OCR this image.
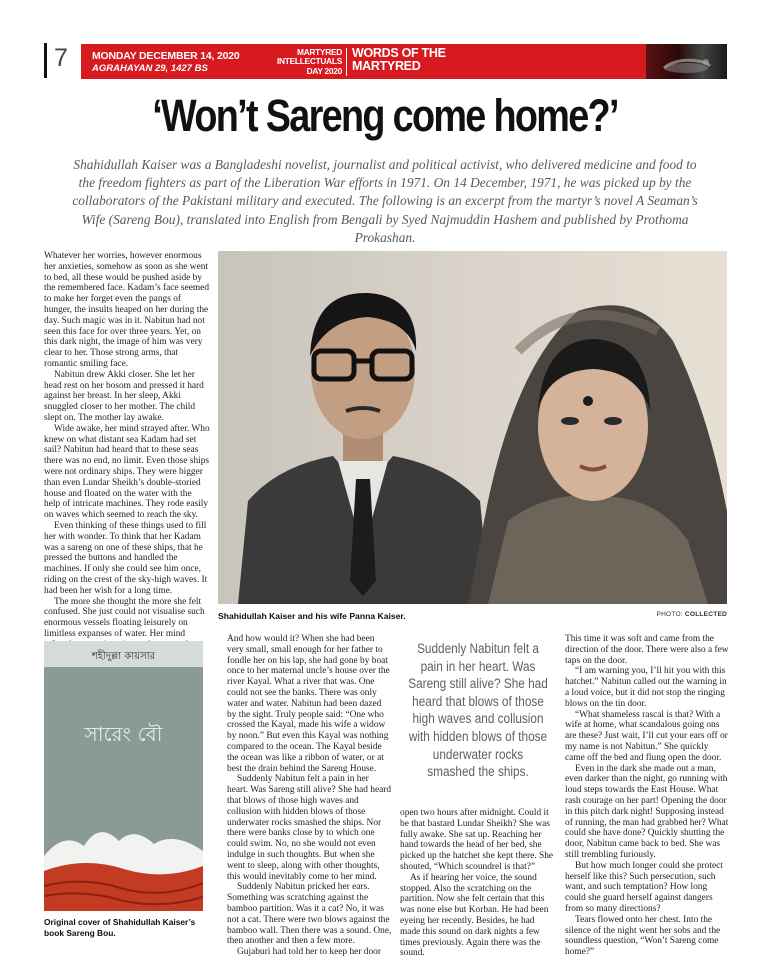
7 MONDAY DECEMBER 14, 2020
AGRAHAYAN 29, 1427 BS
MARTYRED
INTELLECTUALS
DAY 2020
WORDS OF THE
MARTYRED
‘Won’t Sareng come home?’
Shahidullah Kaiser was a Bangladeshi novelist, journalist and political activist, who delivered medicine and food to the freedom fighters as part of the Liberation War efforts in 1971. On 14 December, 1971, he was picked up by the collaborators of the Pakistani military and executed. The following is an excerpt from the martyr’s novel A Seaman’s Wife (Sareng Bou), translated into English from Bengali by Syed Najmuddin Hashem and published by Prothoma Prokashan.

Whatever her worries, however enormous her anxieties, somehow as soon as she went to bed, all these would be pushed aside by the remembered face. Kadam’s face seemed to make her forget even the pangs of hunger, the insults heaped on her during the day. Such magic was in it. Nabitun had not seen this face for over three years. Yet, on this dark night, the image of him was very clear to her. Those strong arms, that romantic smiling face.

Nabitun drew Akki closer. She let her head rest on her bosom and pressed it hard against her breast. In her sleep, Akki snuggled closer to her mother. The child slept on. The mother lay awake.

Wide awake, her mind strayed after. Who knew on what distant sea Kadam had set sail? Nabitun had heard that to these seas there was no end, no limit. Even those ships were not ordinary ships. They were bigger than even Lundar Sheikh’s double-storied house and floated on the water with the help of intricate machines. They rode easily on waves which seemed to reach the sky.

Even thinking of these things used to fill her with wonder. To think that her Kadam was a sareng on one of these ships, that he pressed the buttons and handled the machines. If only she could see him once, riding on the crest of the sky-high waves. It had been her wish for a long time.

The more she thought the more she felt confused. She just could not visualise such enormous vessels floating leisurely on limitless expanses of water. Her mind

Shahidullah Kaiser and his wife Panna Kaiser.	PHOTO: COLLECTED
শহীদুল্লা কায়সার
সারেং বৌ
Original cover of Shahidullah Kaiser’s book Sareng Bou.

And how would it? When she had been very small, small enough for her father to fondle her on his lap, she had gone by boat once to her maternal uncle’s house over the river Kayal. What a river that was. One could not see the banks. There was only water and water. Nabitun had been dazed by the sight. Truly people said: “One who crossed the Kayal, made his wife a widow by noon.” But even this Kayal was nothing compared to the ocean. The Kayal beside the ocean was like a ribbon of water, or at best the drain behind the Sareng House.

Suddenly Nabitun felt a pain in her heart. Was Sareng still alive? She had heard that blows of those high waves and collusion with hidden blows of those underwater rocks smashed the ships. Nor there were banks close by to which one could swim. No, no she would not even indulge in such thoughts. But when she went to sleep, along with other thoughts, this would inevitably come to her mind.

Suddenly Nabitun pricked her ears. Something was scratching against the bamboo partition. Was it a cat? No, it was not a cat. There were two blows against the bamboo wall. Then there was a sound. One, then another and then a few more.

Gujaburi had told her to keep her door

Suddenly Nabitun felt a pain in her heart. Was Sareng still alive? She had heard that blows of those high waves and collusion with hidden blows of those underwater rocks smashed the ships.

open two hours after midnight. Could it be that bastard Lundar Sheikh? She was fully awake. She sat up. Reaching her hand towards the head of her bed, she picked up the hatchet she kept there. She shouted, “Which scoundrel is that?”

As if hearing her voice, the sound stopped. Also the scratching on the partition. Now she felt certain that this was none else but Korban. He had been eyeing her recently. Besides, he had made this sound on dark nights a few times previously. Again there was the sound.

This time it was soft and came from the direction of the door. There were also a few taps on the door.

“I am warning you, I’ll hit you with this hatchet.” Nabitun called out the warning in a loud voice, but it did not stop the ringing blows on the tin door.

“What shameless rascal is that? With a wife at home, what scandalous going ons are these? Just wait, I’ll cut your ears off or my name is not Nabitun.” She quickly came off the bed and flung open the door.

Even in the dark she made out a man, even darker than the night, go running with loud steps towards the East House. What rash courage on her part! Opening the door in this pitch dark night! Supposing instead of running, the man had grabbed her? What could she have done? Quickly shutting the door, Nabitun came back to bed. She was still trembling furiously.

But how much longer could she protect herself like this? Such persecution, such want, and such temptation? How long could she guard herself against dangers from so many directions?

Tears flowed onto her chest. Into the silence of the night went her sobs and the soundless question, “Won’t Sareng come home?”
